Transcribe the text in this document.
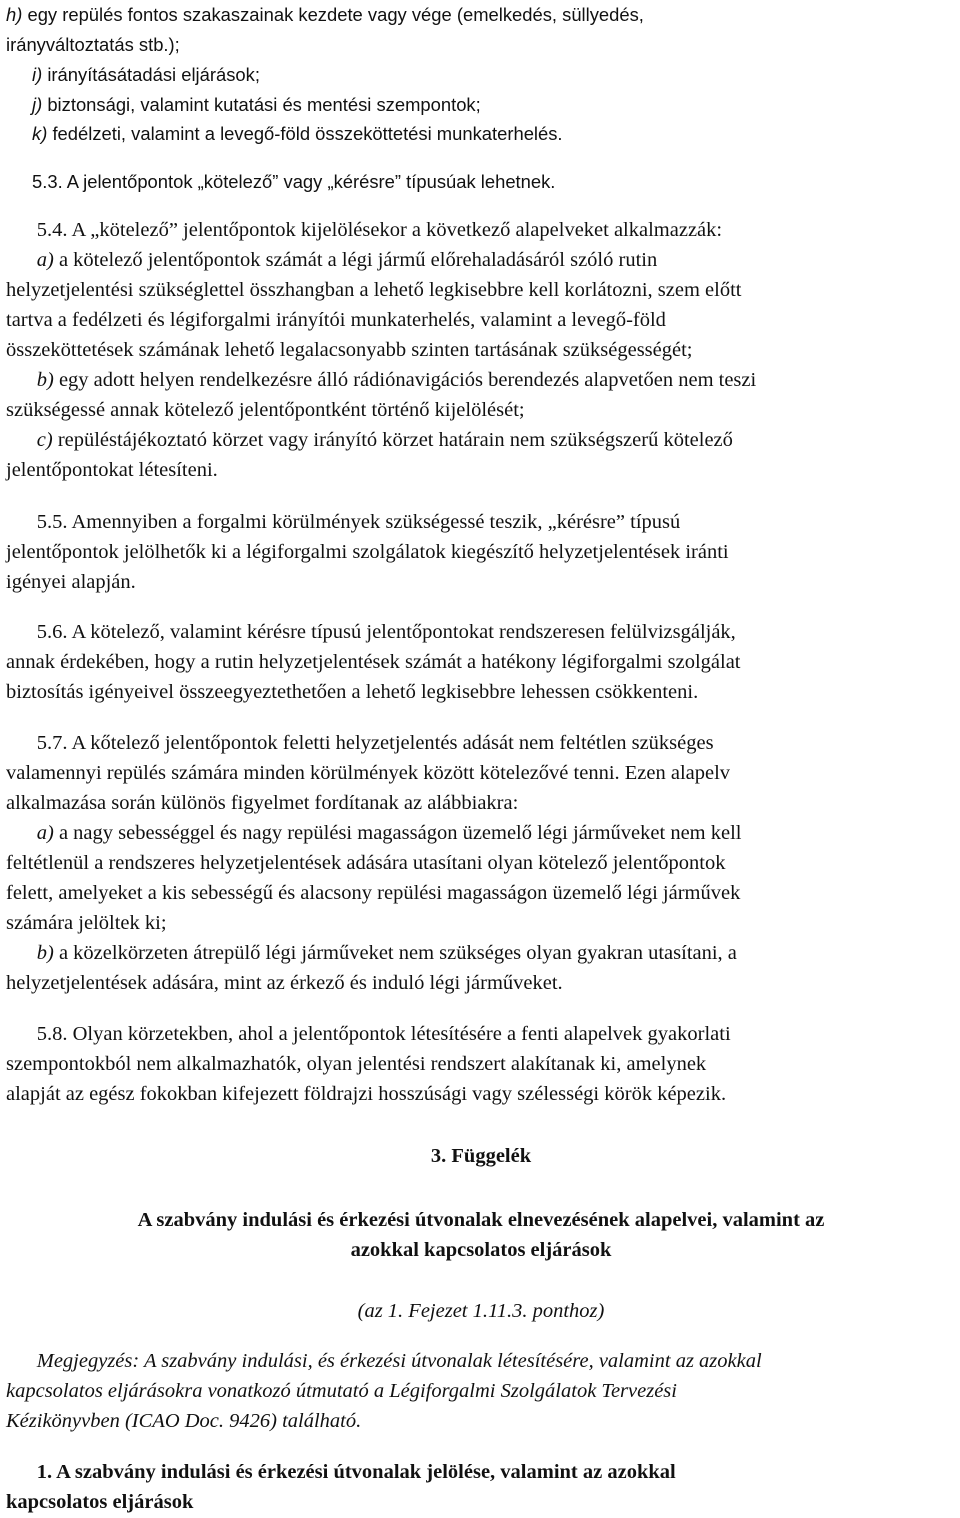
h) egy repülés fontos szakaszainak kezdete vagy vége (emelkedés, süllyedés,
irányváltoztatás stb.);
i) irányításátadási eljárások;
j) biztonsági, valamint kutatási és mentési szempontok;
k) fedélzeti, valamint a levegő-föld összeköttetési munkaterhelés.
5.3. A jelentőpontok „kötelező” vagy „kérésre” típusúak lehetnek.
5.4. A „kötelező” jelentőpontok kijelölésekor a következő alapelveket alkalmazzák:
a) a kötelező jelentőpontok számát a légi jármű előrehaladásáról szóló rutin
helyzetjelentési szükséglettel összhangban a lehető legkisebbre kell korlátozni, szem előtt
tartva a fedélzeti és légiforgalmi irányítói munkaterhelés, valamint a levegő-föld
összeköttetések számának lehető legalacsonyabb szinten tartásának szükségességét;
b) egy adott helyen rendelkezésre álló rádiónavigációs berendezés alapvetően nem teszi
szükségessé annak kötelező jelentőpontként történő kijelölését;
c) repüléstájékoztató körzet vagy irányító körzet határain nem szükségszerű kötelező
jelentőpontokat létesíteni.
5.5. Amennyiben a forgalmi körülmények szükségessé teszik, „kérésre” típusú
jelentőpontok jelölhetők ki a légiforgalmi szolgálatok kiegészítő helyzetjelentések iránti
igényei alapján.
5.6. A kötelező, valamint kérésre típusú jelentőpontokat rendszeresen felülvizsgálják,
annak érdekében, hogy a rutin helyzetjelentések számát a hatékony légiforgalmi szolgálat
biztosítás igényeivel összeegyeztethetően a lehető legkisebbre lehessen csökkenteni.
5.7. A kőtelező jelentőpontok feletti helyzetjelentés adását nem feltétlen szükséges
valamennyi repülés számára minden körülmények között kötelezővé tenni. Ezen alapelv
alkalmazása során különös figyelmet fordítanak az alábbiakra:
a) a nagy sebességgel és nagy repülési magasságon üzemelő légi járműveket nem kell
feltétlenül a rendszeres helyzetjelentések adására utasítani olyan kötelező jelentőpontok
felett, amelyeket a kis sebességű és alacsony repülési magasságon üzemelő légi járművek
számára jelöltek ki;
b) a közelkörzeten átrepülő légi járműveket nem szükséges olyan gyakran utasítani, a
helyzetjelentések adására, mint az érkező és induló légi járműveket.
5.8. Olyan körzetekben, ahol a jelentőpontok létesítésére a fenti alapelvek gyakorlati
szempontokból nem alkalmazhatók, olyan jelentési rendszert alakítanak ki, amelynek
alapját az egész fokokban kifejezett földrajzi hosszúsági vagy szélességi körök képezik.
3. Függelék
A szabvány indulási és érkezési útvonalak elnevezésének alapelvei, valamint az
azokkal kapcsolatos eljárások
(az 1. Fejezet 1.11.3. ponthoz)
Megjegyzés: A szabvány indulási, és érkezési útvonalak létesítésére, valamint az azokkal
kapcsolatos eljárásokra vonatkozó útmutató a Légiforgalmi Szolgálatok Tervezési
Kézikönyvben (ICAO Doc. 9426) található.
1. A szabvány indulási és érkezési útvonalak jelölése, valamint az azokkal
kapcsolatos eljárások
